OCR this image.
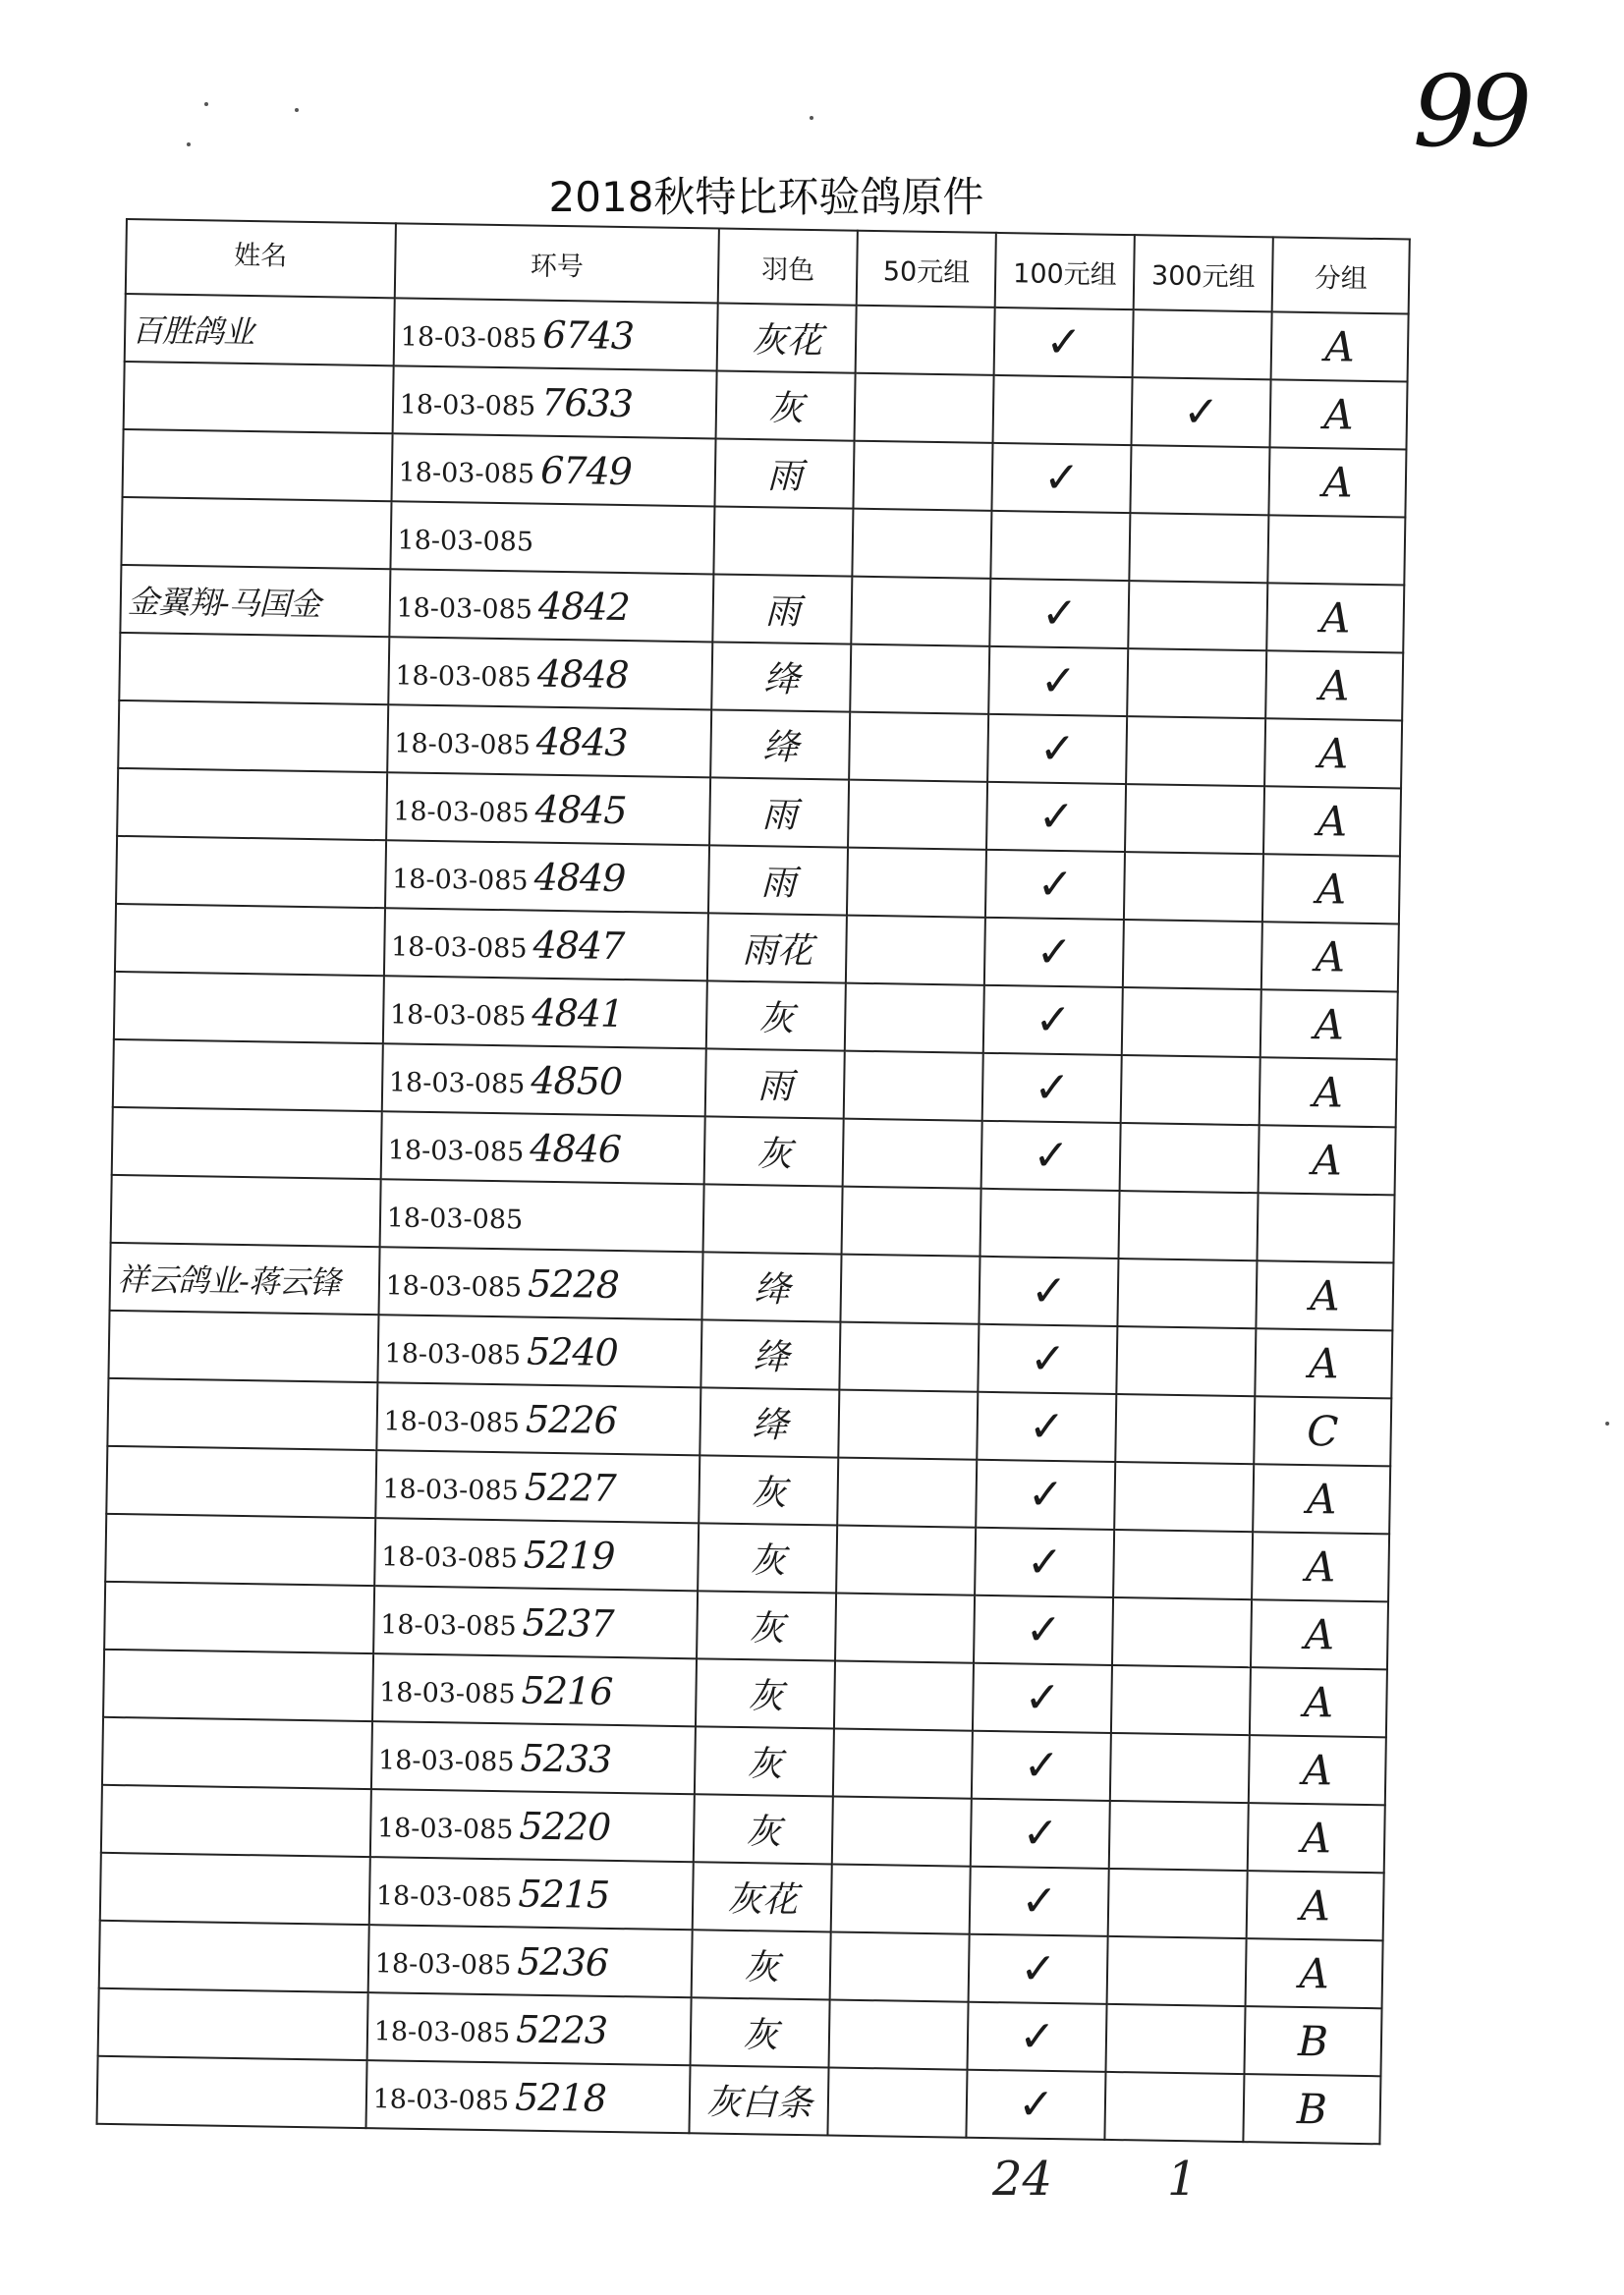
99
2018秋特比环验鸽原件
姓名	环号	羽色	50元组	100元组	300元组	分组
百胜鸽业	18-03-085 6743	灰花		✓		A
	18-03-085 7633	灰			✓	A
	18-03-085 6749	雨		✓		A
	18-03-085					
金翼翔-马国金	18-03-085 4842	雨		✓		A
	18-03-085 4848	绛		✓		A
	18-03-085 4843	绛		✓		A
	18-03-085 4845	雨		✓		A
	18-03-085 4849	雨		✓		A
	18-03-085 4847	雨花		✓		A
	18-03-085 4841	灰		✓		A
	18-03-085 4850	雨		✓		A
	18-03-085 4846	灰		✓		A
	18-03-085					
祥云鸽业-蒋云锋	18-03-085 5228	绛		✓		A
	18-03-085 5240	绛		✓		A
	18-03-085 5226	绛		✓		C
	18-03-085 5227	灰		✓		A
	18-03-085 5219	灰		✓		A
	18-03-085 5237	灰		✓		A
	18-03-085 5216	灰		✓		A
	18-03-085 5233	灰		✓		A
	18-03-085 5220	灰		✓		A
	18-03-085 5215	灰花		✓		A
	18-03-085 5236	灰		✓		A
	18-03-085 5223	灰		✓		B
	18-03-085 5218	灰白条		✓		B
24 1
